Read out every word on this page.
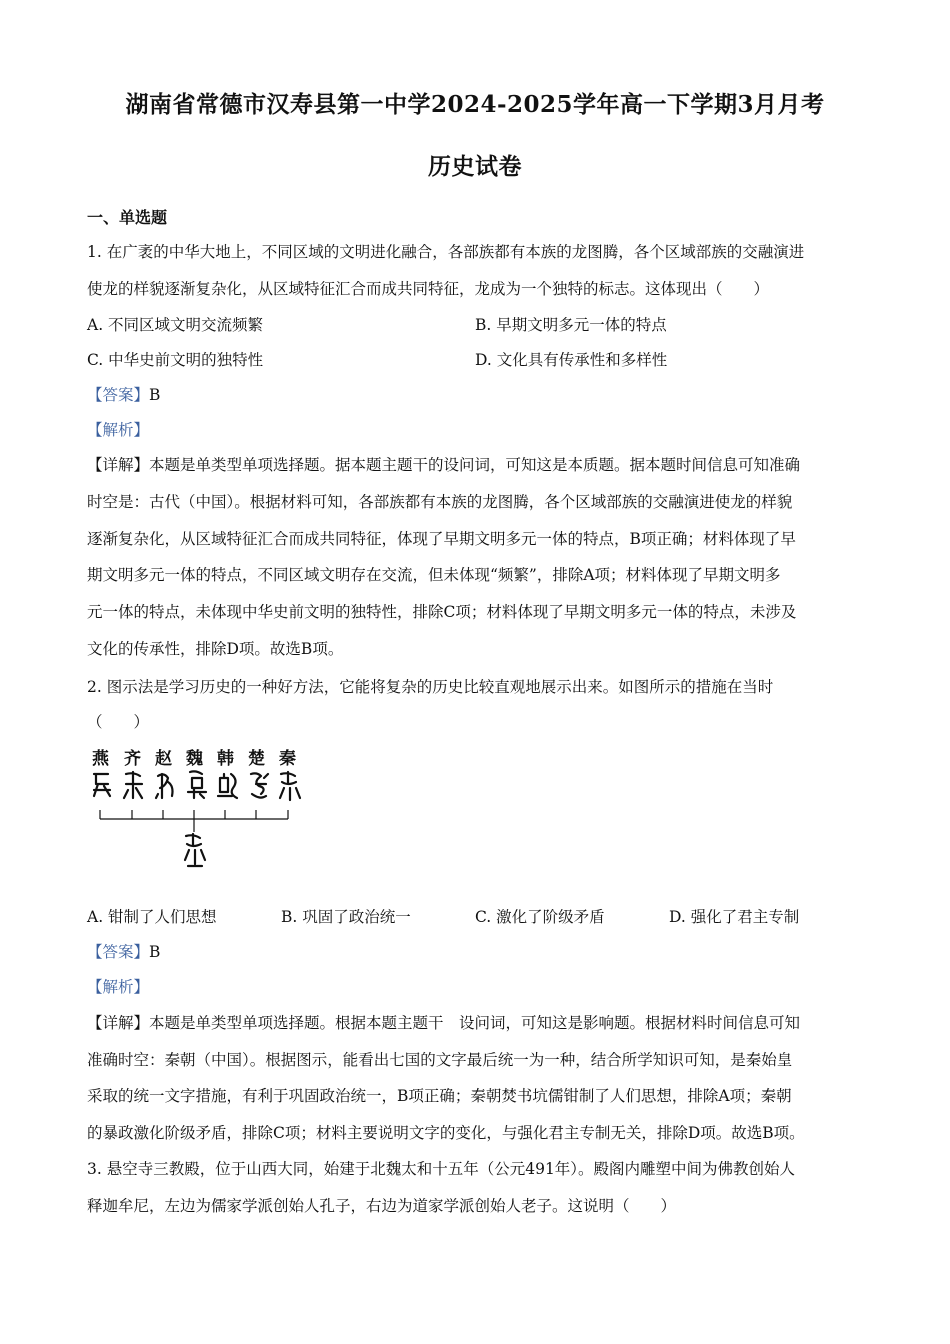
湖南省常德市汉寿县第一中学2024-2025学年高一下学期3月月考
历史试卷
一、单选题
1. 在广袤的中华大地上，不同区域的文明进化融合，各部族都有本族的龙图腾，各个区域部族的交融演进
使龙的样貌逐渐复杂化，从区域特征汇合而成共同特征，龙成为一个独特的标志。这体现出（　　）
A. 不同区域文明交流频繁	B. 早期文明多元一体的特点
C. 中华史前文明的独特性	D. 文化具有传承性和多样性
【答案】B
【解析】
【详解】本题是单类型单项选择题。据本题主题干的设问词，可知这是本质题。据本题时间信息可知准确
时空是：古代（中国）。根据材料可知，各部族都有本族的龙图腾，各个区域部族的交融演进使龙的样貌
逐渐复杂化，从区域特征汇合而成共同特征，体现了早期文明多元一体的特点，B项正确；材料体现了早
期文明多元一体的特点，不同区域文明存在交流，但未体现“频繁”，排除A项；材料体现了早期文明多
元一体的特点，未体现中华史前文明的独特性，排除C项；材料体现了早期文明多元一体的特点，未涉及
文化的传承性，排除D项。故选B项。
2. 图示法是学习历史的一种好方法，它能将复杂的历史比较直观地展示出来。如图所示的措施在当时
（　　）
燕 齐 赵 魏 韩 楚 秦
A. 钳制了人们思想	B. 巩固了政治统一	C. 激化了阶级矛盾	D. 强化了君主专制
【答案】B
【解析】
【详解】本题是单类型单项选择题。根据本题主题干　设问词，可知这是影响题。根据材料时间信息可知
准确时空：秦朝（中国）。根据图示，能看出七国的文字最后统一为一种，结合所学知识可知，是秦始皇
采取的统一文字措施，有利于巩固政治统一，B项正确；秦朝焚书坑儒钳制了人们思想，排除A项；秦朝
的暴政激化阶级矛盾，排除C项；材料主要说明文字的变化，与强化君主专制无关，排除D项。故选B项。
3. 悬空寺三教殿，位于山西大同，始建于北魏太和十五年（公元491年）。殿阁内雕塑中间为佛教创始人
释迦牟尼，左边为儒家学派创始人孔子，右边为道家学派创始人老子。这说明（　　）
